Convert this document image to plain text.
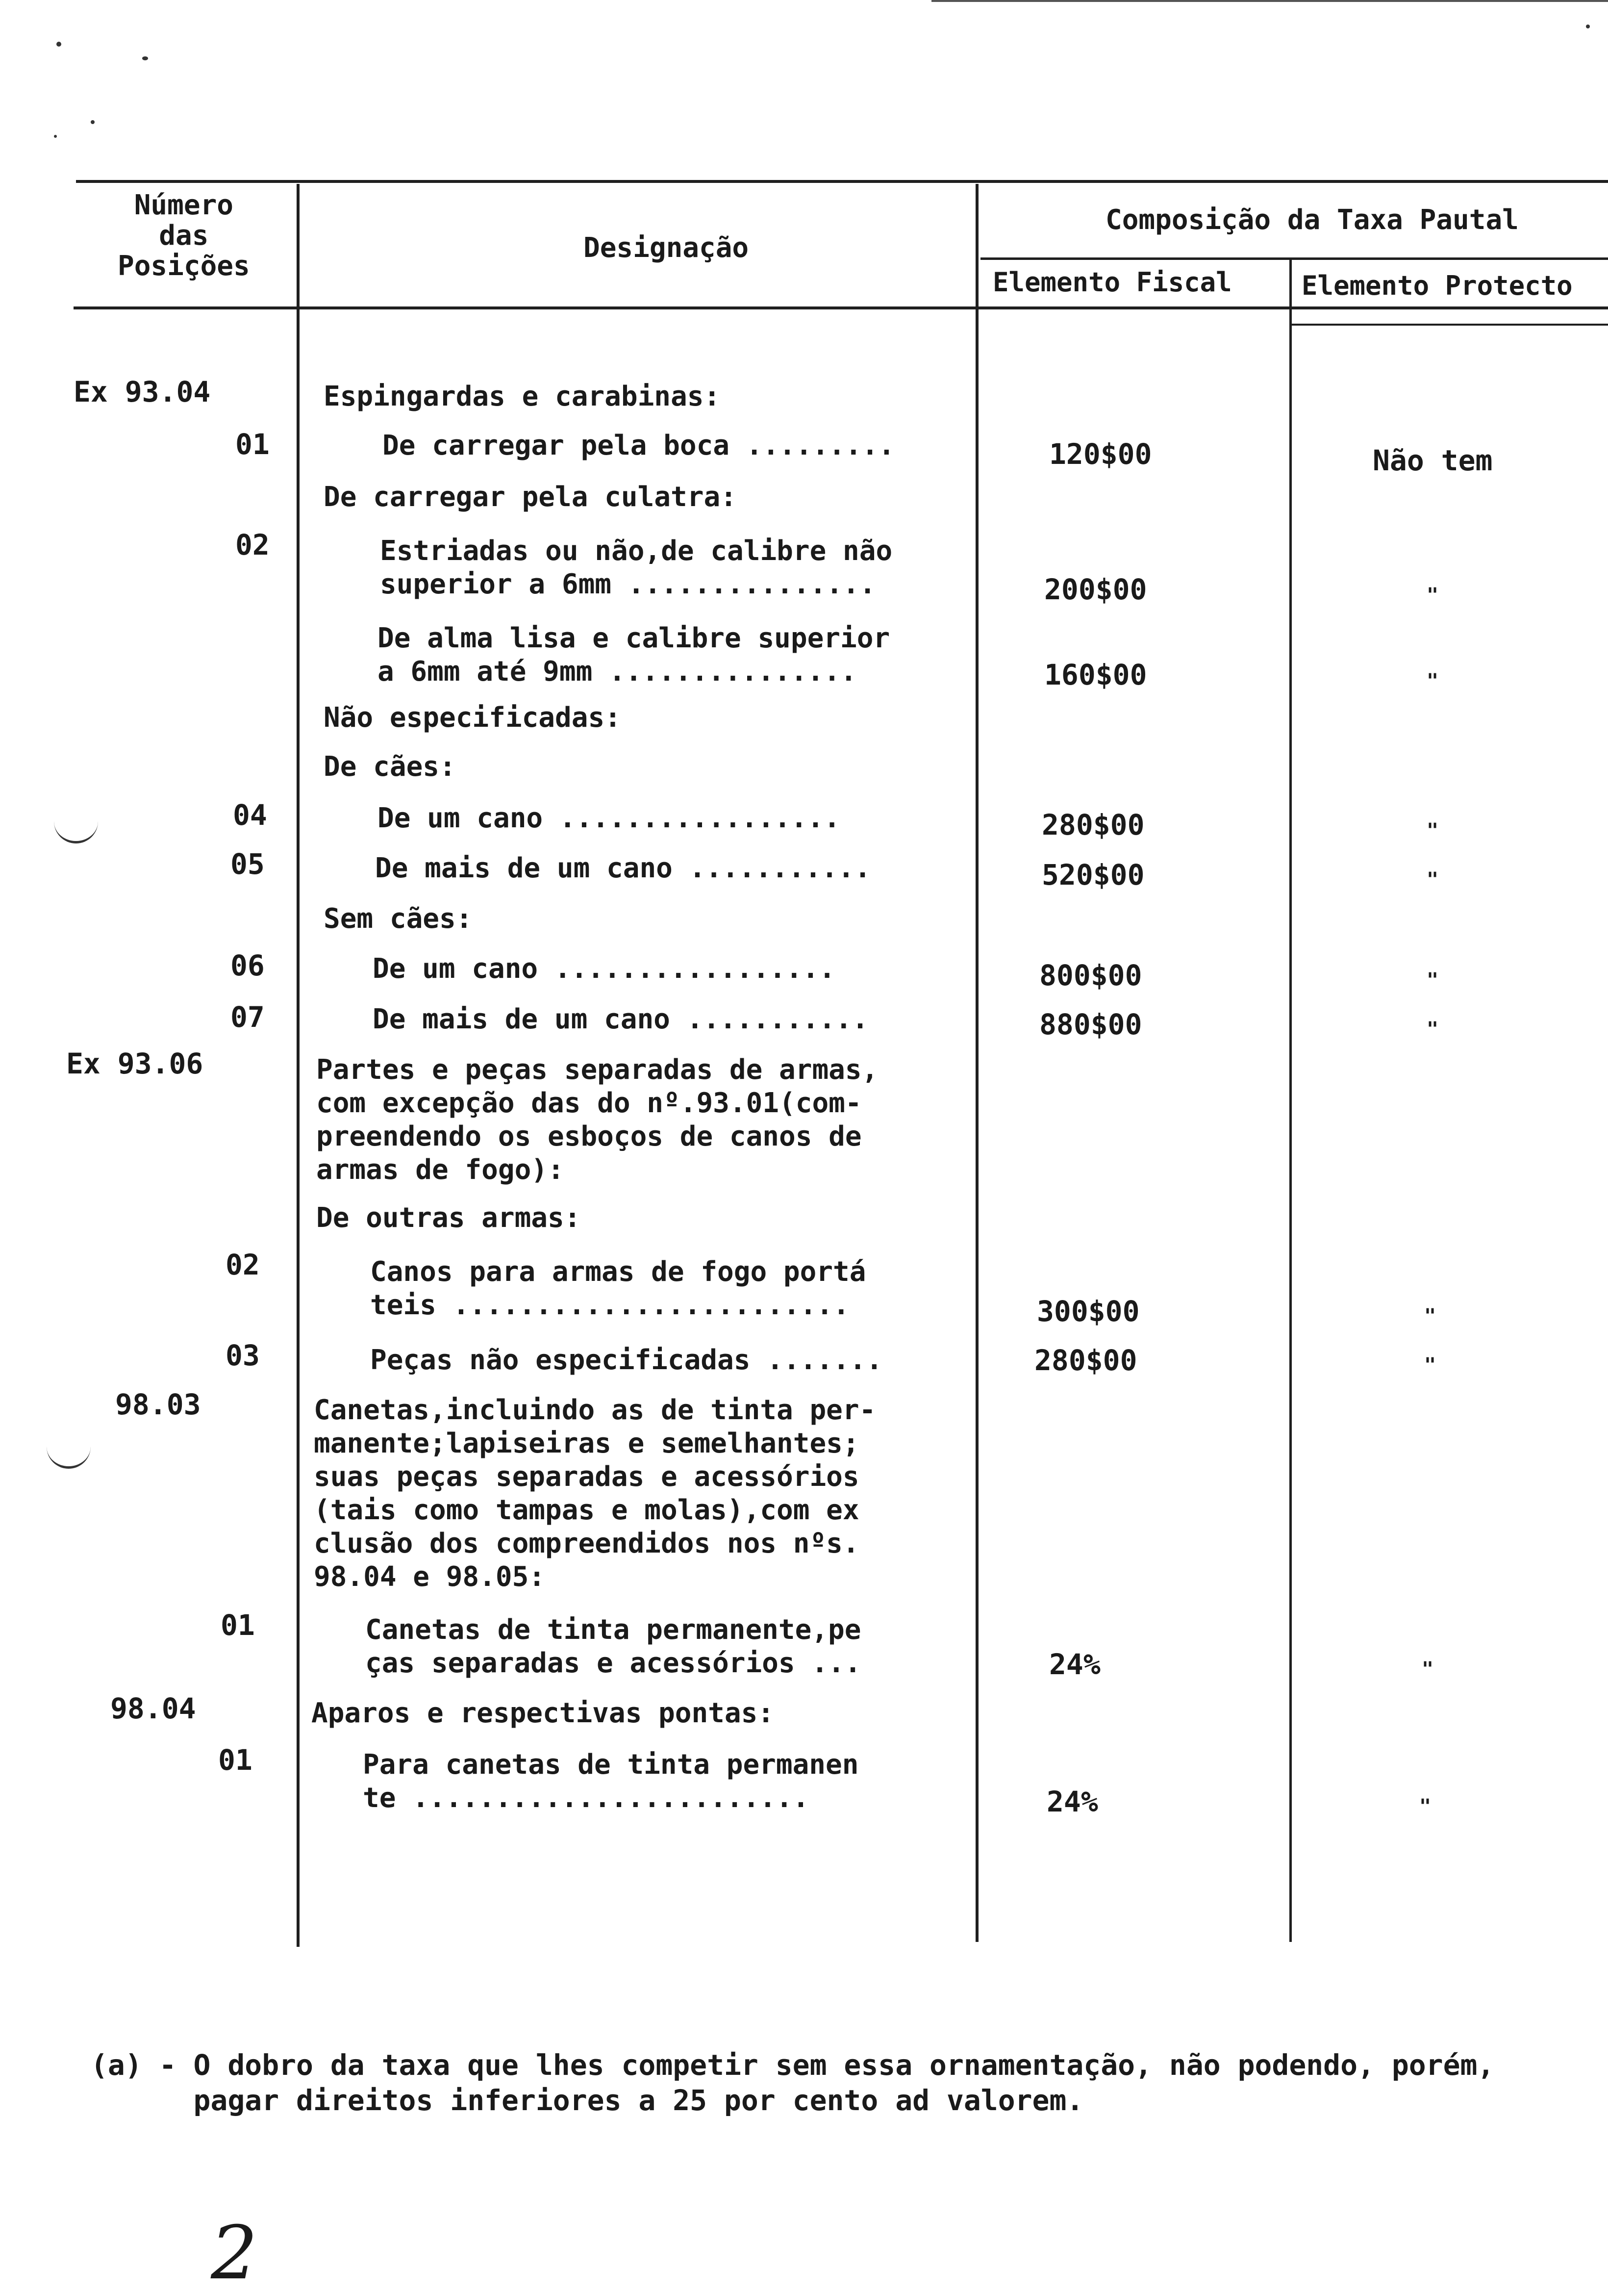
Número
das
Posições
Designação
Composição da Taxa Pautal
Elemento Fiscal	Elemento Protecto
Ex 93.04
01
02
04
05
06
07
Ex 93.06
02
03
98.03
01
98.04
01
Espingardas e carabinas:
De carregar pela boca .........
De carregar pela culatra:
Estriadas ou não,de calibre não
superior a 6mm ...............
De alma lisa e calibre superior
a 6mm até 9mm ...............
Não especificadas:
De cães:
De um cano .................
De mais de um cano ...........
Sem cães:
De um cano .................
De mais de um cano ...........
Partes e peças separadas de armas,
com excepção das do nº.93.01(com-
preendendo os esboços de canos de
armas de fogo):
De outras armas:
Canos para armas de fogo portá
teis ........................
Peças não especificadas .......
Canetas,incluindo as de tinta per-
manente;lapiseiras e semelhantes;
suas peças separadas e acessórios
(tais como tampas e molas),com ex
clusão dos compreendidos nos nºs.
98.04 e 98.05:
Canetas de tinta permanente,pe
ças separadas e acessórios ...
Aparos e respectivas pontas:
Para canetas de tinta permanen
te ........................
120$00
200$00
160$00
280$00
520$00
800$00
880$00
300$00
280$00
24%
24%
Não tem
"
"
"
"
"
"
"
"
"
"
(a) - O dobro da taxa que lhes competir sem essa ornamentação, não podendo, porém,
pagar direitos inferiores a 25 por cento ad valorem.
2
